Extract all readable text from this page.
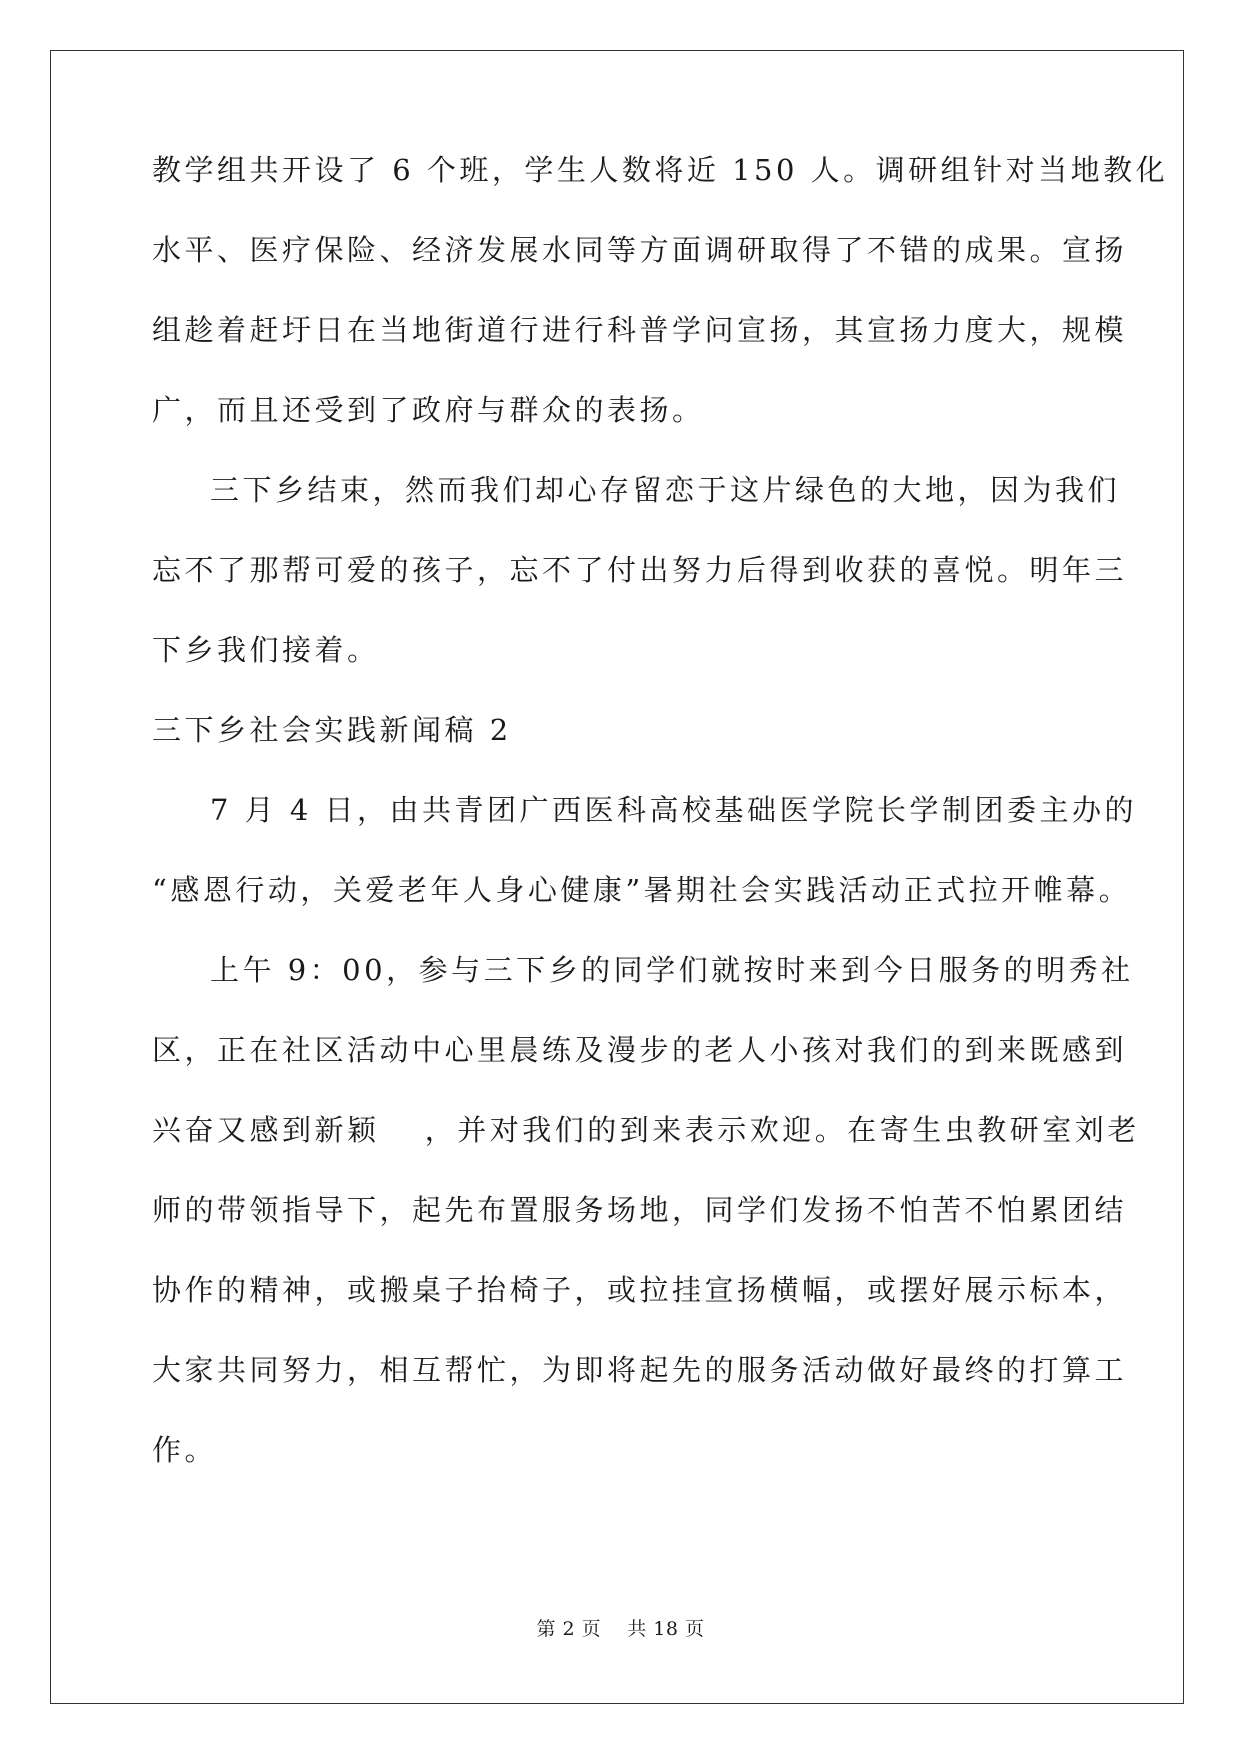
教学组共开设了 6 个班，学生人数将近 150 人。调研组针对当地教化
水平、医疗保险、经济发展水同等方面调研取得了不错的成果。宣扬
组趁着赶圩日在当地街道行进行科普学问宣扬，其宣扬力度大，规模
广，而且还受到了政府与群众的表扬。
三下乡结束，然而我们却心存留恋于这片绿色的大地，因为我们
忘不了那帮可爱的孩子，忘不了付出努力后得到收获的喜悦。明年三
下乡我们接着。
三下乡社会实践新闻稿 2
7 月 4 日，由共青团广西医科高校基础医学院长学制团委主办的
“感恩行动，关爱老年人身心健康”暑期社会实践活动正式拉开帷幕。
上午 9：00，参与三下乡的同学们就按时来到今日服务的明秀社
区，正在社区活动中心里晨练及漫步的老人小孩对我们的到来既感到
兴奋又感到新颖　 ，并对我们的到来表示欢迎。在寄生虫教研室刘老
师的带领指导下，起先布置服务场地，同学们发扬不怕苦不怕累团结
协作的精神，或搬桌子抬椅子，或拉挂宣扬横幅，或摆好展示标本，
大家共同努力，相互帮忙，为即将起先的服务活动做好最终的打算工
作。
第 2 页　 共 18 页
